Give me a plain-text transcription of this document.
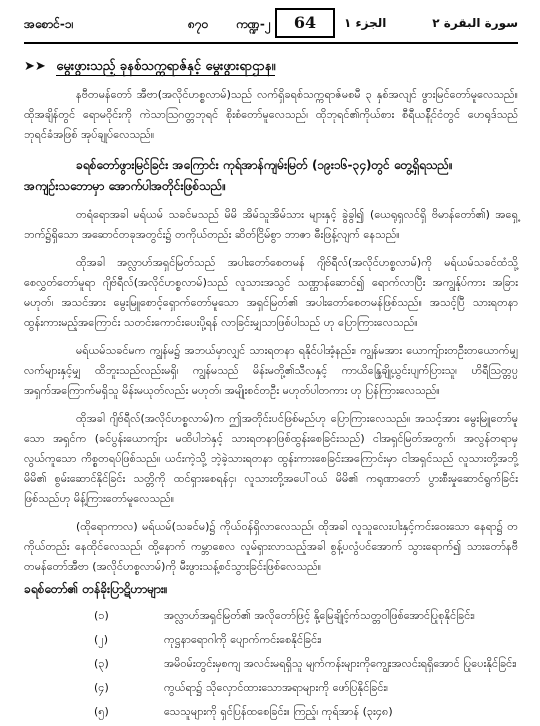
အစောင်-၁၊	၈၇၀ ကဏ္ဍ-၂	64	الجزء ١	سورة البقرة ٢
➤➤ မွေးဖွားသည့် ခုနစ်သက္ကရာဇ်နှင့် မွေးဖွားရာဌာန။
နဗီတမန်တော် အီဗာ(အလိုင်ဟစ္စလာမ်)သည် လက်ရှိခရစ်သက္ကရာဇ်မစမီ ၃ နှစ်အလျင် ဖွားမြင်တော်မူလေသည်။ ထိုအချိန်တွင် ရောမဝိုင်းကို ကဲသာသြဂတ္တဘုရင် စိုးစံတော်မူလေသည်၊ ထိုဘုရင်၏ကိုယ်စား စီရီယန်ိုင်ငံတွင် ဟေရုဒ်သည် ဘုရင်ခံအဖြစ် အုပ်ချုပ်လေသည်။
ခရစ်တော်ဖွားမြင်ခြင်း အကြောင်း ကုရ်အာန်ကျမ်းမြတ် (၁၉း၁၆-၃၄)တွင် တွေ့ရှိရသည်။
အကျဉ်းသဘောမှာ အောက်ပါအတိုင်းဖြစ်သည်။
တရံရောအခါ မရ်ယမ် သခင်မသည် မိမိ အိမ်သူအိမ်သား များနှင့် ခွဲခွါ၍ (ယေရုရှလင်ရှိ ဗိမာန်တော်၏) အရှေ့ဘက်၌ရှိသော အဆောင်တခုအတွင်း၌ တကိုယ်တည်း ဆိတ်ငြိမ်စွာ ဘာဇာ ဓီးဖြန့်လျက် နေသည်။
ထိုအခါ အလ္လာဟ်အရှင်မြတ်သည် အပါးတော်စေတမန် ဂျိဗ်ရီလ်(အလိုင်ဟစ္စလာမ်)ကို မရ်ယမ်သခင်ထံသို့ စေလွှတ်တော်မူရာ ဂျိဗ်ရီလ်(အလိုင်ဟစ္စလာမ်)သည် လူသားအသွင် သဏ္ဌာန်ဆောင်၍ ရောက်လာပြီး အကျွန်ုပ်ကား အခြားမဟုတ်၊ အသင်အား မွေးမြူစောင့်ရှောက်တော်မူသော အရှင်မြတ်၏ အပါးတော်စေတမန်ဖြစ်သည်။ အသင့်ပြီ သားရတနာ ထွန်းကားမည့်အကြောင်း သတင်းကောင်းပေးပို့ရန် လာခြင်းမျှသာဖြစ်ပါသည် ဟု ပြောကြားလေသည်။
မရ်ယမ်သခင်မက ကျွန်မ၌ အဘယ်မှာလျှင် သားရတနာ ရနိုင်ပါအံ့နည်း၊ ကျွန်မအား ယောကျ်ားတဦးတယောက်မျှ လက်များနှင့်မျှ ထိဘူးသည်လည်းမရှိ၊ ကျွန်မသည် မိန်းမတို့၏သီလနှင့် ကာယိန္ဒြေချို့ယွင်းပျက်ပြားသူ၊ ဟိရီဩတ္တပ္ပ အရှက်အကြောက်မရှိသူ မိန်းမယုတ်လည်း မဟုတ်၊ အမျိုးစင်တဦး မဟုတ်ပါတကား ဟု ပြန်ကြားလေသည်။
ထိုအခါ ဂျိဗ်ရီလ်(အလိုင်ဟစ္စလာမ်)က ဤအတိုင်းပင်ဖြစ်မည်ဟု ပြောကြားလေသည်။ အသင့်အား မွေးမြူတော်မူသော အရှင်က (ခင်ပွန်းယောကျ်ား မထိပါဘဲနှင့် သားရတနာဖြစ်ထွန်းစေခြင်းသည်) ငါအရှင်မြတ်အတွက်၊ အလွန်တရာမှ လွယ်ကူသော ကိစ္စတရပ်ဖြစ်သည်။ ယင်းကဲ့သို့ ဘဲ့ခဲ့သားရတနာ ထွန်းကားစေခြင်းအကြောင်းမှာ ငါအရှင်သည် လူသားတို့အဘို့ မိမိ၏ စွမ်းဆောင်နိုင်ခြင်း သတ္တိကို ထင်ရှားစေရန်ငှ၊ လူသားတို့အပေါ်ဝယ် မိမိ၏ ကရုဏာတော် ပွားစီးမှုဆောင်ရွက်ခြင်း ဖြစ်သည်ဟု မိန့်ကြားတော်မူလေသည်။
(ထိုရောကာလ) မရ်ယမ်(သခင်မ)၌ ကိုယ်ဝန်ရှိလာလေသည်၊ ထိုအခါ လူသူလေးပါးနှင့်ကင်းဝေးသော နေရာ၌ တကိုယ်တည်း နေထိုင်လေသည်၊ ထို့နောက် ကမ္ဘာစေလ လူမ်ရှားလာသည့်အခါ စွန့်ပလွံပင်အောက် သွားရောက်၍ သားတော်နဗီတမန်တော်အီဗာ (အလိုင်ဟစ္စလာမ်)ကို မီးဖွားသန့်စင်သွားခြင်းဖြစ်လေသည်။
ခရစ်တော်၏ တန်ခိုးပြာဋိဟာများ။
(၁)	အလ္လာဟ်အရှင်မြတ်၏ အလိုတော်ဖြင့် နို့မြေချိုင့်က်သတ္တဝါဖြစ်အောင်ပြုစုနိုင်ခြင်း၊
(၂)	ကုဋ္ဌနာရောဂါကို ပျောက်ကင်းစေနိုင်ခြင်း၊
(၃)	အမိဝမ်းတွင်းမှစကျ အလင်းမရရှိသူ မျက်ကန်းများကိုကျွေးအလင်းရရှိအောင် ပြုပေးနိုင်ခြင်း၊
(၄)	ကွယ်ရာ၌ သိုလှောင်ထားသောအရာများကို ဖော်ပြနိုင်ခြင်း၊
(၅)	သေသူများကို ရှင်ပြန်ထစေခြင်း။ ကြည့်၊ ကုရ်အာန် (၃း၄၈)
